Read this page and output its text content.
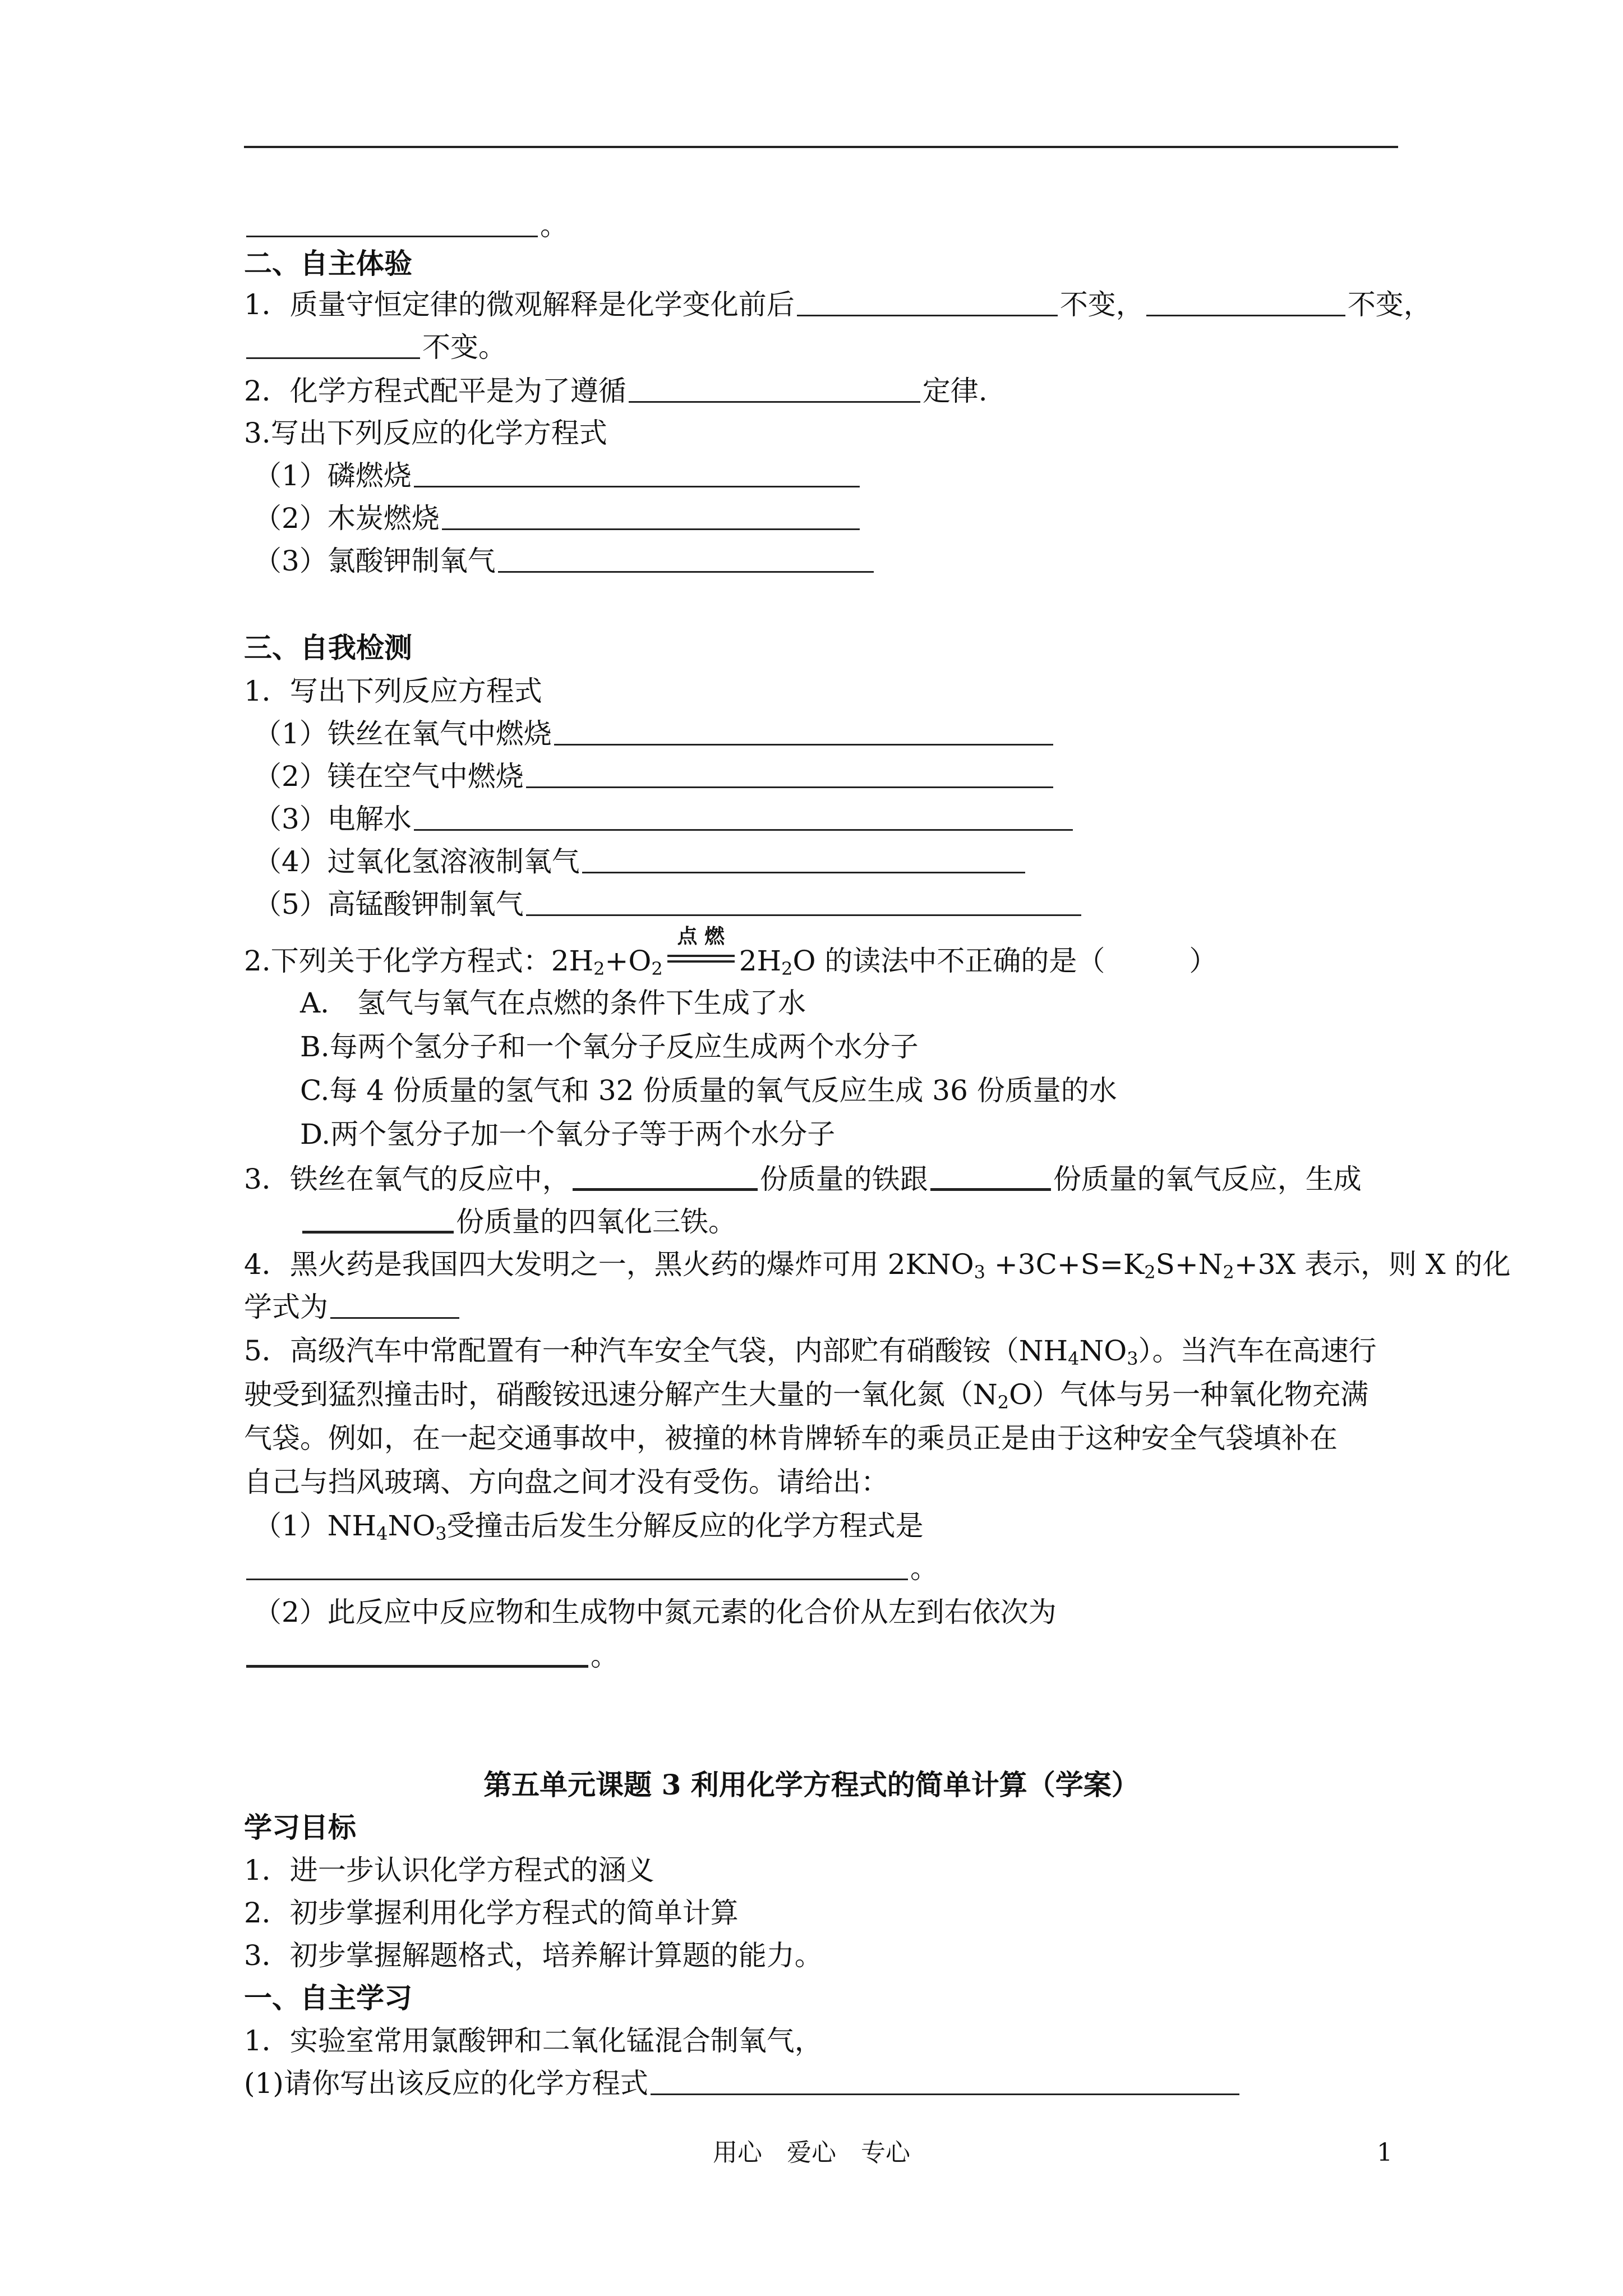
。
二、自主体验
1．质量守恒定律的微观解释是化学变化前后	不变，	不变，
不变。
2．化学方程式配平是为了遵循	定律.
3.写出下列反应的化学方程式
（1）磷燃烧
（2）木炭燃烧
（3）氯酸钾制氧气
三、自我检测
1．写出下列反应方程式
（1）铁丝在氧气中燃烧
（2）镁在空气中燃烧
（3）电解水
（4）过氧化氢溶液制氧气
（5）高锰酸钾制氧气
2.下列关于化学方程式：$2H_2+O_2$
点 燃
$2H_2O$ 的读法中不正确的是（　　　）
A.　氢气与氧气在点燃的条件下生成了水
B.每两个氢分子和一个氧分子反应生成两个水分子
C.每 4 份质量的氢气和 32 份质量的氧气反应生成 36 份质量的水
D.两个氢分子加一个氧分子等于两个水分子
3．铁丝在氧气的反应中，	份质量的铁跟	份质量的氧气反应，生成
份质量的四氧化三铁。
4．黑火药是我国四大发明之一，黑火药的爆炸可用 $2KNO_3 +3C+S=K_2S+N_2+3X$ 表示，则 X 的化
学式为
5．高级汽车中常配置有一种汽车安全气袋，内部贮有硝酸铵$(NH_4NO_3)$。当汽车在高速行
驶受到猛烈撞击时，硝酸铵迅速分解产生大量的一氧化氮$(N_2O)$气体与另一种氧化物充满
气袋。例如，在一起交通事故中，被撞的林肯牌轿车的乘员正是由于这种安全气袋填补在
自己与挡风玻璃、方向盘之间才没有受伤。请给出：
$(1)NH_4NO_3$受撞击后发生分解反应的化学方程式是
。
（2）此反应中反应物和生成物中氮元素的化合价从左到右依次为
。
第五单元课题 3 利用化学方程式的简单计算（学案）
学习目标
1．进一步认识化学方程式的涵义
2．初步掌握利用化学方程式的简单计算
3．初步掌握解题格式，培养解计算题的能力。
一、自主学习
1．实验室常用氯酸钾和二氧化锰混合制氧气，
(1)请你写出该反应的化学方程式
用心　爱心　专心	1
